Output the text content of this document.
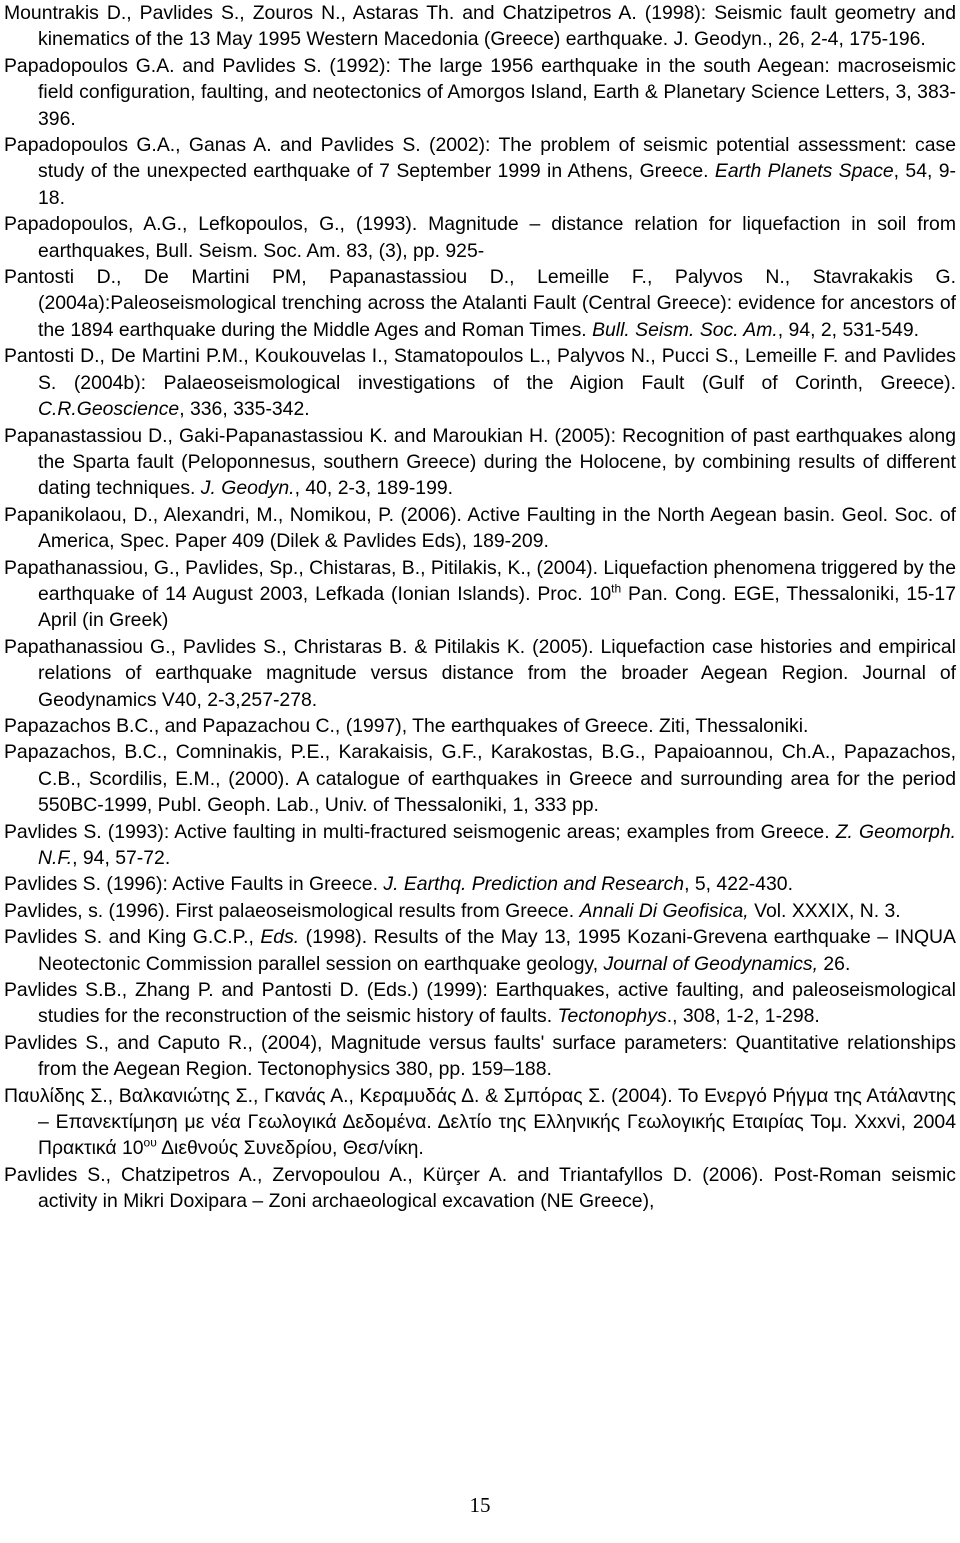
Mountrakis D., Pavlides S., Zouros N., Astaras Th. and Chatzipetros A. (1998): Seismic fault geometry and kinematics of the 13 May 1995 Western Macedonia (Greece) earthquake. J. Geodyn., 26, 2-4, 175-196.

Papadopoulos G.A. and Pavlides S. (1992): The large 1956 earthquake in the south Aegean: macroseismic field configuration, faulting, and neotectonics of Amorgos Island, Earth & Planetary Science Letters, 3, 383-396.

Papadopoulos G.A., Ganas A. and Pavlides S. (2002): The problem of seismic potential assessment: case study of the unexpected earthquake of 7 September 1999 in Athens, Greece. Earth Planets Space, 54, 9-18.

Papadopoulos, A.G., Lefkopoulos, G., (1993). Magnitude – distance relation for liquefaction in soil from earthquakes, Bull. Seism. Soc. Am. 83, (3), pp. 925-

Pantosti D., De Martini PM, Papanastassiou D., Lemeille F., Palyvos N., Stavrakakis G. (2004a):Paleoseismological trenching across the Atalanti Fault (Central Greece): evidence for ancestors of the 1894 earthquake during the Middle Ages and Roman Times. Bull. Seism. Soc. Am., 94, 2, 531-549.

Pantosti D., De Martini P.M., Koukouvelas I., Stamatopoulos L., Palyvos N., Pucci S., Lemeille F. and Pavlides S. (2004b): Palaeoseismological investigations of the Aigion Fault (Gulf of Corinth, Greece). C.R.Geoscience, 336, 335-342.

Papanastassiou D., Gaki-Papanastassiou K. and Maroukian H. (2005): Recognition of past earthquakes along the Sparta fault (Peloponnesus, southern Greece) during the Holocene, by combining results of different dating techniques. J. Geodyn., 40, 2-3, 189-199.

Papanikolaou, D., Alexandri, M., Nomikou, P. (2006). Active Faulting in the North Aegean basin. Geol. Soc. of America, Spec. Paper 409 (Dilek & Pavlides Eds), 189-209.

Papathanassiou, G., Pavlides, Sp., Chistaras, B., Pitilakis, K., (2004). Liquefaction phenomena triggered by the earthquake of 14 August 2003, Lefkada (Ionian Islands). Proc. 10th Pan. Cong. EGE, Thessaloniki, 15-17 April (in Greek)

Papathanassiou G., Pavlides S., Christaras B. & Pitilakis K. (2005). Liquefaction case histories and empirical relations of earthquake magnitude versus distance from the broader Aegean Region. Journal of Geodynamics V40, 2-3,257-278.

Papazachos B.C., and Papazachou C., (1997), The earthquakes of Greece. Ziti, Thessaloniki.

Papazachos, B.C., Comninakis, P.E., Karakaisis, G.F., Karakostas, B.G., Papaioannou, Ch.A., Papazachos, C.B., Scordilis, E.M., (2000). A catalogue of earthquakes in Greece and surrounding area for the period 550BC-1999, Publ. Geoph. Lab., Univ. of Thessaloniki, 1, 333 pp.

Pavlides S. (1993): Active faulting in multi-fractured seismogenic areas; examples from Greece. Z. Geomorph. N.F., 94, 57-72.

Pavlides S. (1996): Active Faults in Greece. J. Earthq. Prediction and Research, 5, 422-430.

Pavlides, s. (1996). First palaeoseismological results from Greece. Annali Di Geofisica, Vol. XXXIX, N. 3.

Pavlides S. and King G.C.P., Eds. (1998). Results of the May 13, 1995 Kozani-Grevena earthquake – INQUA Neotectonic Commission parallel session on earthquake geology, Journal of Geodynamics, 26.

Pavlides S.B., Zhang P. and Pantosti D. (Eds.) (1999): Earthquakes, active faulting, and paleoseismological studies for the reconstruction of the seismic history of faults. Tectonophys., 308, 1-2, 1-298.

Pavlides S., and Caputo R., (2004), Magnitude versus faults' surface parameters: Quantitative relationships from the Aegean Region. Tectonophysics 380, pp. 159–188.

Παυλίδης Σ., Βαλκανιώτης Σ., Γκανάς Α., Κεραμυδάς Δ. & Σμπόρας Σ. (2004). Το Ενεργό Ρήγμα της Ατάλαντης – Επανεκτίμηση με νέα Γεωλογικά Δεδομένα. Δελτίο της Ελληνικής Γεωλογικής Εταιρίας Τομ. Xxxvi, 2004 Πρακτικά $10^{o\upsilon}$ Διεθνούς Συνεδρίου, Θεσ/νίκη.

Pavlides S., Chatzipetros A., Zervopoulou A., Kürçer A. and Triantafyllos D. (2006). Post-Roman seismic activity in Mikri Doxipara – Zoni archaeological excavation (NE Greece),

15
